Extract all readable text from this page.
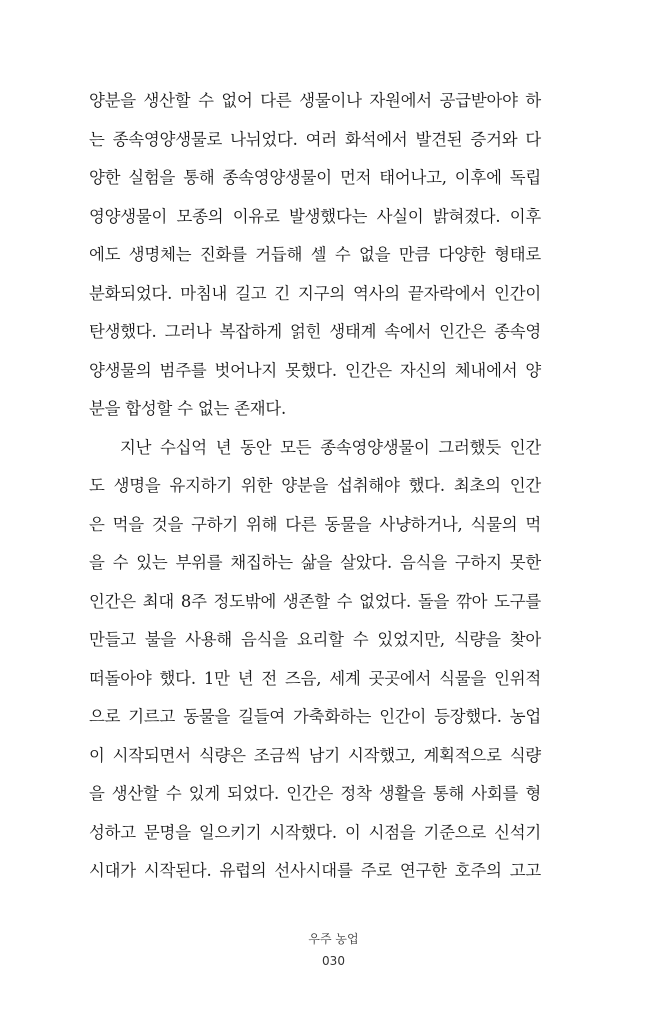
양분을 생산할 수 없어 다른 생물이나 자원에서 공급받아야 하
는 종속영양생물로 나뉘었다. 여러 화석에서 발견된 증거와 다
양한 실험을 통해 종속영양생물이 먼저 태어나고, 이후에 독립
영양생물이 모종의 이유로 발생했다는 사실이 밝혀졌다. 이후
에도 생명체는 진화를 거듭해 셀 수 없을 만큼 다양한 형태로
분화되었다. 마침내 길고 긴 지구의 역사의 끝자락에서 인간이
탄생했다. 그러나 복잡하게 얽힌 생태계 속에서 인간은 종속영
양생물의 범주를 벗어나지 못했다. 인간은 자신의 체내에서 양
분을 합성할 수 없는 존재다.
지난 수십억 년 동안 모든 종속영양생물이 그러했듯 인간
도 생명을 유지하기 위한 양분을 섭취해야 했다. 최초의 인간
은 먹을 것을 구하기 위해 다른 동물을 사냥하거나, 식물의 먹
을 수 있는 부위를 채집하는 삶을 살았다. 음식을 구하지 못한
인간은 최대 8주 정도밖에 생존할 수 없었다. 돌을 깎아 도구를
만들고 불을 사용해 음식을 요리할 수 있었지만, 식량을 찾아
떠돌아야 했다. 1만 년 전 즈음, 세계 곳곳에서 식물을 인위적
으로 기르고 동물을 길들여 가축화하는 인간이 등장했다. 농업
이 시작되면서 식량은 조금씩 남기 시작했고, 계획적으로 식량
을 생산할 수 있게 되었다. 인간은 정착 생활을 통해 사회를 형
성하고 문명을 일으키기 시작했다. 이 시점을 기준으로 신석기
시대가 시작된다. 유럽의 선사시대를 주로 연구한 호주의 고고
우주 농업
030
